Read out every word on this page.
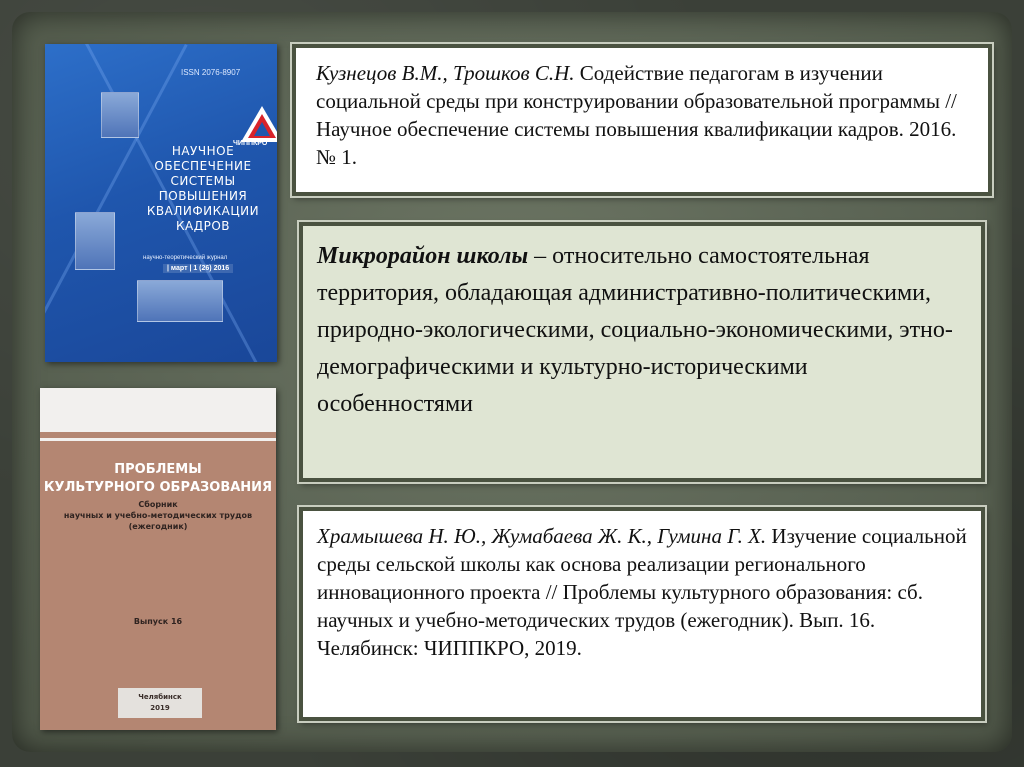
ISSN 2076-8907
ЧИППКРО
НАУЧНОЕ
ОБЕСПЕЧЕНИЕ
СИСТЕМЫ
ПОВЫШЕНИЯ
КВАЛИФИКАЦИИ
КАДРОВ
научно-теоретический журнал
| март | 1 (26) 2016
ПРОБЛЕМЫ
КУЛЬТУРНОГО ОБРАЗОВАНИЯ
Сборник
научных и учебно-методических трудов
(ежегодник)
Выпуск 16
Челябинск
2019
Кузнецов В.М., Трошков С.Н. Содействие педагогам в изучении социальной среды при конструировании образовательной программы // Научное обеспечение системы повышения квалификации кадров. 2016. № 1.
Микрорайон школы – относительно самостоятельная территория, обладающая административно-политическими, природно-экологическими, социально-экономическими, этно-демографическими и культурно-историческими особенностями
Храмышева Н. Ю., Жумабаева Ж. К., Гумина Г. Х. Изучение социальной среды сельской школы как основа реализации регионального инновационного проекта // Проблемы культурного образования: сб. научных и учебно-методических трудов (ежегодник). Вып. 16. Челябинск: ЧИППКРО, 2019.
